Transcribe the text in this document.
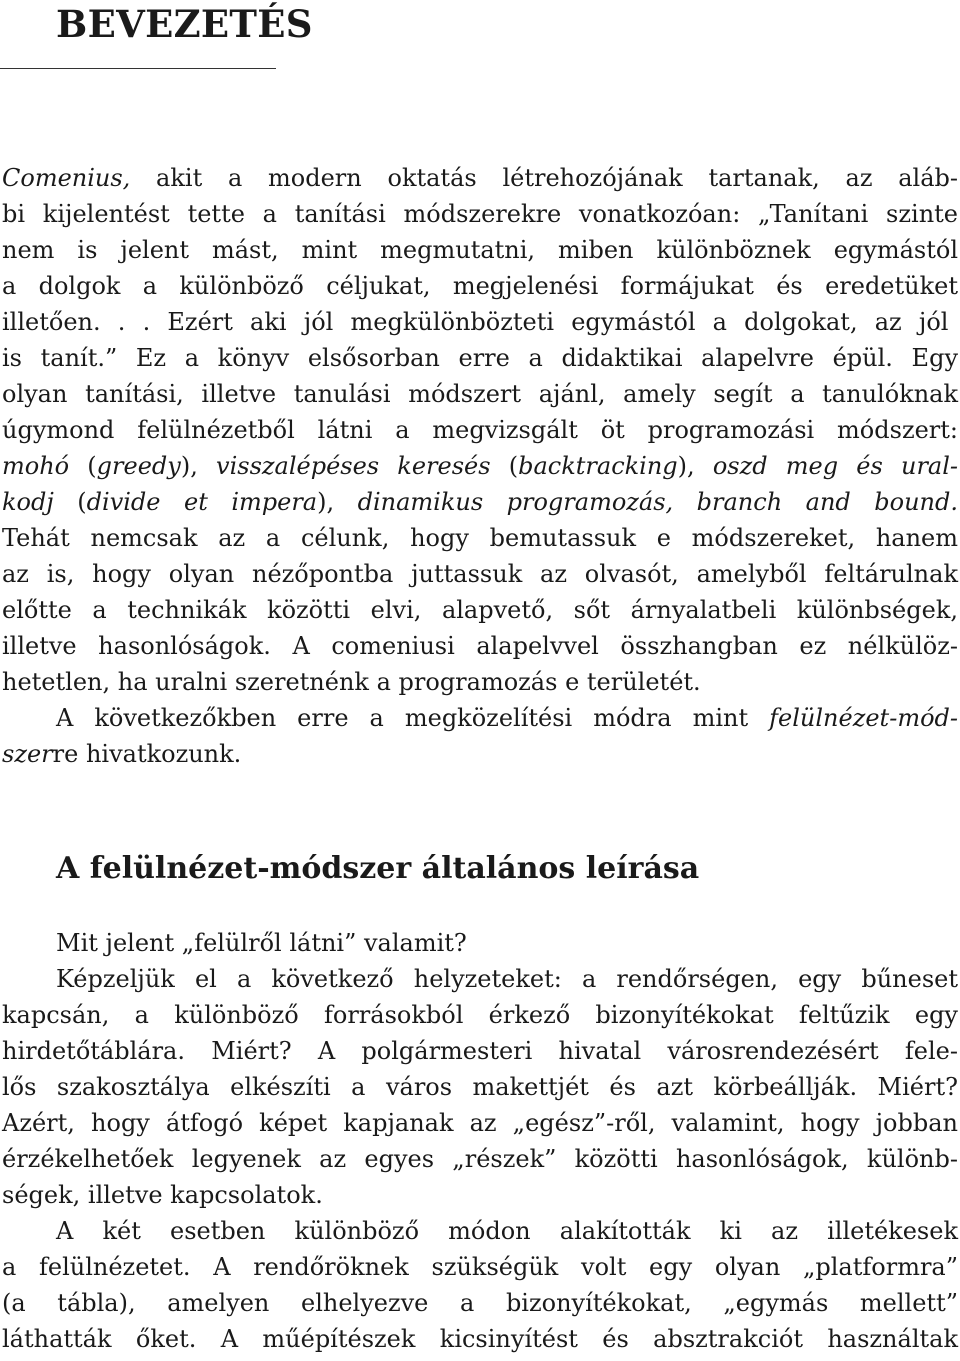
BEVEZETÉS

Comenius, akit a modern oktatás létrehozójának tartanak, az aláb-
bi kijelentést tette a tanítási módszerekre vonatkozóan: „Tanítani szinte
nem is jelent mást, mint megmutatni, miben különböznek egymástól
a dolgok a különböző céljukat, megjelenési formájukat és eredetüket
illetően. . . Ezért aki jól megkülönbözteti egymástól a dolgokat, az jól
is tanít.” Ez a könyv elsősorban erre a didaktikai alapelvre épül. Egy
olyan tanítási, illetve tanulási módszert ajánl, amely segít a tanulóknak
úgymond felülnézetből látni a megvizsgált öt programozási módszert:
mohó (greedy), visszalépéses keresés (backtracking), oszd meg és ural-
kodj (divide et impera), dinamikus programozás, branch and bound.
Tehát nemcsak az a célunk, hogy bemutassuk e módszereket, hanem
az is, hogy olyan nézőpontba juttassuk az olvasót, amelyből feltárulnak
előtte a technikák közötti elvi, alapvető, sőt árnyalatbeli különbségek,
illetve hasonlóságok. A comeniusi alapelvvel összhangban ez nélkülöz-
hetetlen, ha uralni szeretnénk a programozás e területét.
A következőkben erre a megközelítési módra mint felülnézet-mód-
szerre hivatkozunk.

A felülnézet-módszer általános leírása

Mit jelent „felülről látni” valamit?
Képzeljük el a következő helyzeteket: a rendőrségen, egy bűneset
kapcsán, a különböző forrásokból érkező bizonyítékokat feltűzik egy
hirdetőtáblára. Miért? A polgármesteri hivatal városrendezésért fele-
lős szakosztálya elkészíti a város makettjét és azt körbeállják. Miért?
Azért, hogy átfogó képet kapjanak az „egész”-ről, valamint, hogy jobban
érzékelhetőek legyenek az egyes „részek” közötti hasonlóságok, különb-
ségek, illetve kapcsolatok.
A két esetben különböző módon alakították ki az illetékesek
a felülnézetet. A rendőröknek szükségük volt egy olyan „platformra”
(a tábla), amelyen elhelyezve a bizonyítékokat, „egymás mellett”
láthatták őket. A műépítészek kicsinyítést és absztrakciót használtak
